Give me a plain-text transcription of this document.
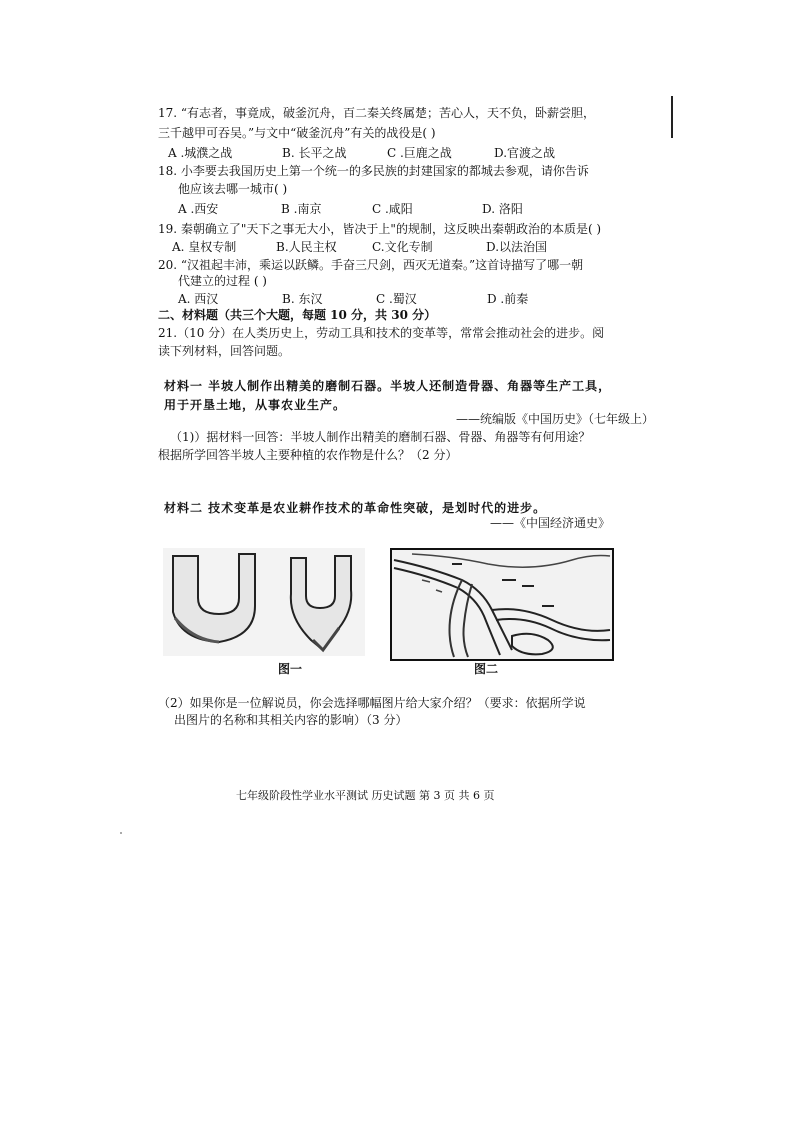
17. “有志者，事竟成，破釜沉舟，百二秦关终属楚；苦心人，天不负，卧薪尝胆，
三千越甲可吞吴。”与文中“破釜沉舟”有关的战役是( )
A .城濮之战	B. 长平之战	C .巨鹿之战	D.官渡之战
18. 小李要去我国历史上第一个统一的多民族的封建国家的都城去参观，请你告诉
他应该去哪一城市( )
A .西安	B .南京	C .咸阳	D. 洛阳
19. 秦朝确立了"天下之事无大小，皆决于上"的规制，这反映出秦朝政治的本质是( )
A. 皇权专制	B.人民主权	C.文化专制	D.以法治国
20. “汉祖起丰沛，乘运以跃鳞。手奋三尺剑，西灭无道秦。”这首诗描写了哪一朝
代建立的过程 ( )
A. 西汉	B. 东汉	C .蜀汉	D .前秦
二、材料题（共三个大题，每题 10 分，共 30 分）
21.（10 分）在人类历史上，劳动工具和技术的变革等，常常会推动社会的进步。阅
读下列材料，回答问题。
材料一 半坡人制作出精美的磨制石器。半坡人还制造骨器、角器等生产工具，
用于开垦土地，从事农业生产。
——统编版《中国历史》（七年级上）
（1)）据材料一回答：半坡人制作出精美的磨制石器、骨器、角器等有何用途？
根据所学回答半坡人主要种植的农作物是什么？（2 分）
材料二 技术变革是农业耕作技术的革命性突破，是划时代的进步。
——《中国经济通史》
图一	图二
（2）如果你是一位解说员，你会选择哪幅图片给大家介绍？（要求：依据所学说
出图片的名称和其相关内容的影响）（3 分）
七年级阶段性学业水平测试 历史试题 第 3 页 共 6 页
